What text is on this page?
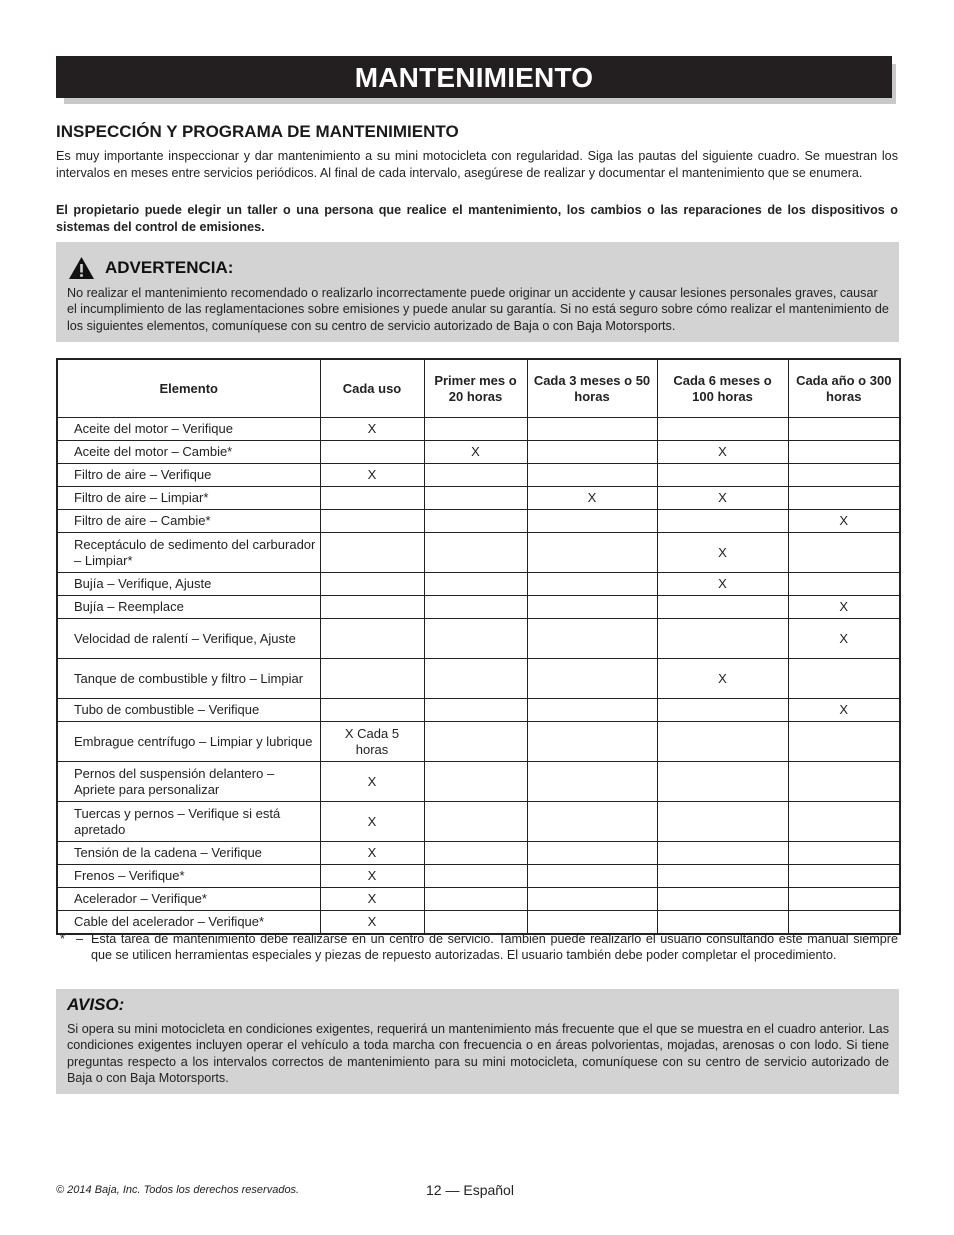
MANTENIMIENTO
INSPECCIÓN Y PROGRAMA DE MANTENIMIENTO
Es muy importante inspeccionar y dar mantenimiento a su mini motocicleta con regularidad. Siga las pautas del siguiente cuadro. Se muestran los intervalos en meses entre servicios periódicos. Al final de cada intervalo, asegúrese de realizar y documentar el mantenimiento que se enumera.
El propietario puede elegir un taller o una persona que realice el mantenimiento, los cambios o las reparaciones de los dispositivos o sistemas del control de emisiones.
ADVERTENCIA:
No realizar el mantenimiento recomendado o realizarlo incorrectamente puede originar un accidente y causar lesiones personales graves, causar el incumplimiento de las reglamentaciones sobre emisiones y puede anular su garantía. Si no está seguro sobre cómo realizar el mantenimiento de los siguientes elementos, comuníquese con su centro de servicio autorizado de Baja o con Baja Motorsports.
Elemento	Cada uso	Primer mes o 20 horas	Cada 3 meses o 50 horas	Cada 6 meses o 100 horas	Cada año o 300 horas
Aceite del motor – Verifique	X				
Aceite del motor – Cambie*		X		X	
Filtro de aire – Verifique	X				
Filtro de aire – Limpiar*			X	X	
Filtro de aire – Cambie*					X
Receptáculo de sedimento del carburador – Limpiar*				X	
Bujía – Verifique, Ajuste				X	
Bujía – Reemplace					X
Velocidad de ralentí – Verifique, Ajuste					X
Tanque de combustible y filtro – Limpiar				X	
Tubo de combustible – Verifique					X
Embrague centrífugo – Limpiar y lubrique	X Cada 5 horas				
Pernos del suspensión delantero – Apriete para personalizar	X				
Tuercas y pernos – Verifique si está apretado	X				
Tensión de la cadena – Verifique	X				
Frenos – Verifique*	X				
Acelerador – Verifique*	X				
Cable del acelerador – Verifique*	X				
* – Esta tarea de mantenimiento debe realizarse en un centro de servicio. También puede realizarlo el usuario consultando este manual siempre que se utilicen herramientas especiales y piezas de repuesto autorizadas. El usuario también debe poder completar el procedimiento.
AVISO:
Si opera su mini motocicleta en condiciones exigentes, requerirá un mantenimiento más frecuente que el que se muestra en el cuadro anterior. Las condiciones exigentes incluyen operar el vehículo a toda marcha con frecuencia o en áreas polvorientas, mojadas, arenosas o con lodo. Si tiene preguntas respecto a los intervalos correctos de mantenimiento para su mini motocicleta, comuníquese con su centro de servicio autorizado de Baja o con Baja Motorsports.
© 2014 Baja, Inc. Todos los derechos reservados.	12 — Español
